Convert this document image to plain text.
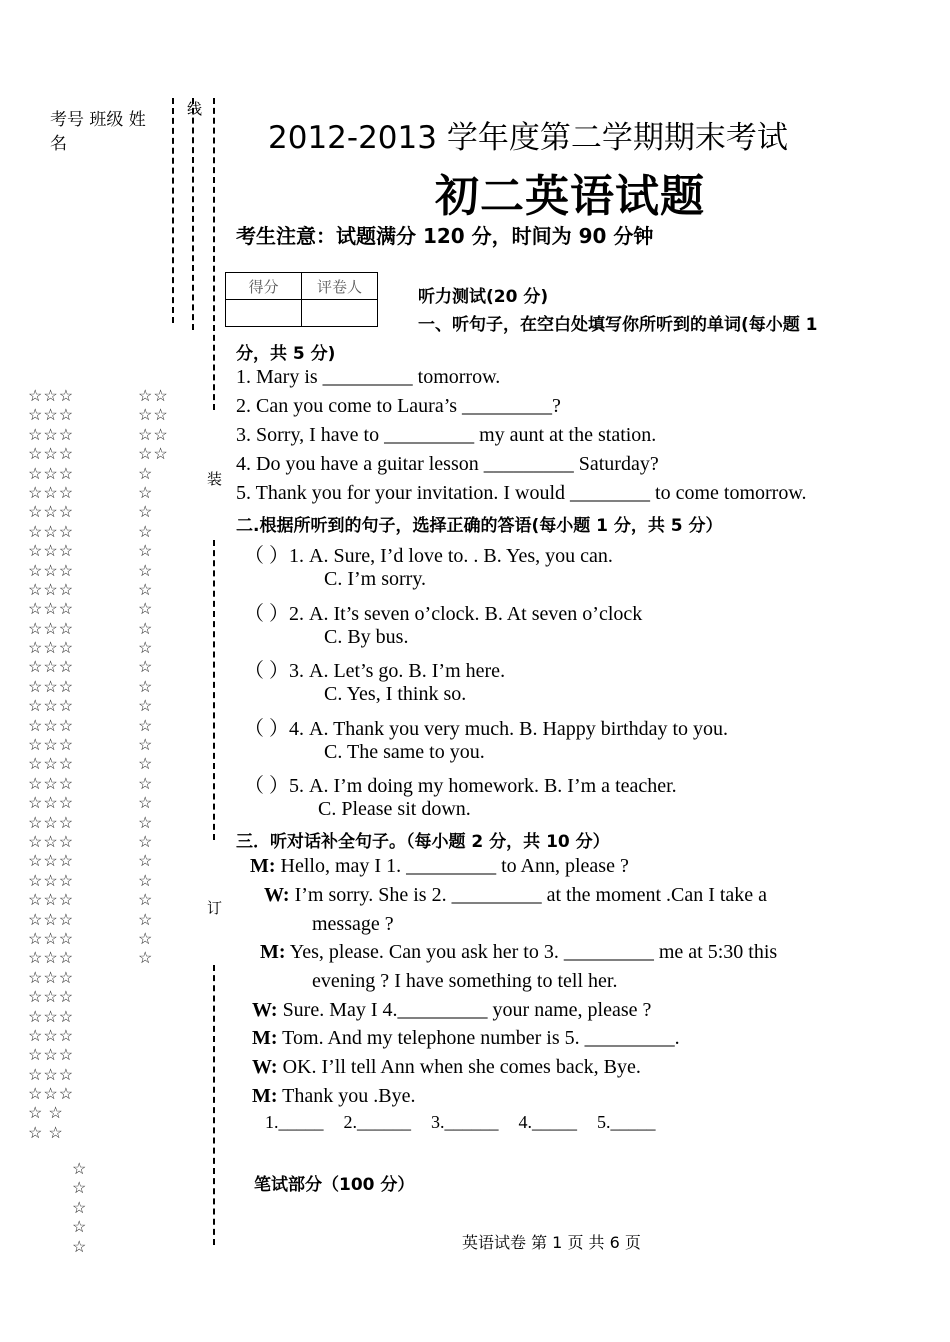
考号 班级 姓名
线
装
订
☆☆☆
☆☆☆
☆☆☆
☆☆☆
☆☆☆
☆☆☆
☆☆☆
☆☆☆
☆☆☆
☆☆☆
☆☆☆
☆☆☆
☆☆☆
☆☆☆
☆☆☆
☆☆☆
☆☆☆
☆☆☆
☆☆☆
☆☆☆
☆☆☆
☆☆☆
☆☆☆
☆☆☆
☆☆☆
☆☆☆
☆☆☆
☆☆☆
☆☆☆
☆☆☆
☆☆☆
☆☆☆
☆☆☆
☆☆☆
☆☆☆
☆☆☆
☆☆☆
☆ ☆
☆ ☆
☆☆
☆☆
☆☆
☆☆
☆
☆
☆
☆
☆
☆
☆
☆
☆
☆
☆
☆
☆
☆
☆
☆
☆
☆
☆
☆
☆
☆
☆
☆
☆
☆
☆
☆
☆
☆
☆
2012-2013 学年度第二学期期末考试
初二英语试题
考生注意：试题满分 120 分，时间为 90 分钟
得分	评卷人

听力测试(20 分)
一、听句子，在空白处填写你所听到的单词(每小题 1
分，共 5 分)
1. Mary is _________ tomorrow.
2. Can you come to Laura’s _________?
3. Sorry, I have to _________ my aunt at the station.
4. Do you have a guitar lesson _________ Saturday?
5. Thank you for your invitation. I would ________ to come tomorrow.
二.根据所听到的句子，选择正确的答语(每小题 1 分，共 5 分）
（ ）1. A. Sure, I’d love to. . B. Yes, you can.
C. I’m sorry.
（ ）2. A. It’s seven o’clock. B. At seven o’clock
C. By bus.
（ ）3. A. Let’s go. B. I’m here.
C. Yes, I think so.
（ ）4. A. Thank you very much. B. Happy birthday to you.
C. The same to you.
（ ）5. A. I’m doing my homework. B. I’m a teacher.
C. Please sit down.
三．听对话补全句子。（每小题 2 分，共 10 分）
M: Hello, may I 1. _________ to Ann, please ?
W: I’m sorry. She is 2. _________ at the moment .Can I take a
message ?
M: Yes, please. Can you ask her to 3. _________ me at 5:30 this
evening ? I have something to tell her.
W: Sure. May I 4._________ your name, please ?
M: Tom. And my telephone number is 5. _________.
W: OK. I’ll tell Ann when she comes back, Bye.
M: Thank you .Bye.
1._____ 2.______ 3.______ 4._____ 5._____
笔试部分（100 分）
英语试卷 第 1 页 共 6 页
